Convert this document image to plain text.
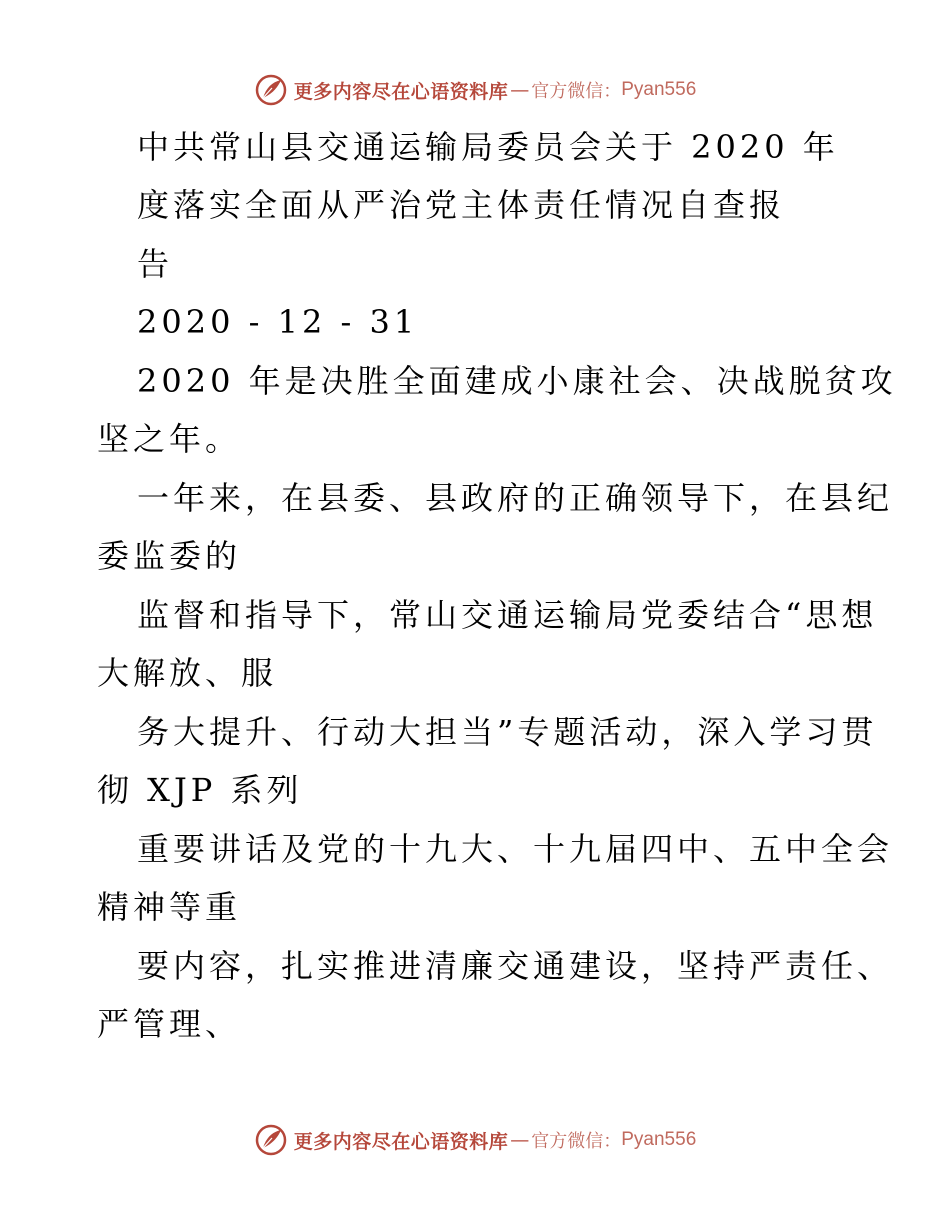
更多内容尽在心语资料库 — 官方微信： Pyan556
中共常山县交通运输局委员会关于 2020 年
度落实全面从严治党主体责任情况自查报
告
2020 - 12 - 31
2020 年是决胜全面建成小康社会、决战脱贫攻
坚之年。
一年来，在县委、县政府的正确领导下，在县纪
委监委的
监督和指导下，常山交通运输局党委结合“思想
大解放、服
务大提升、行动大担当”专题活动，深入学习贯
彻 XJP 系列
重要讲话及党的十九大、十九届四中、五中全会
精神等重
要内容，扎实推进清廉交通建设，坚持严责任、
严管理、
更多内容尽在心语资料库 — 官方微信： Pyan556
